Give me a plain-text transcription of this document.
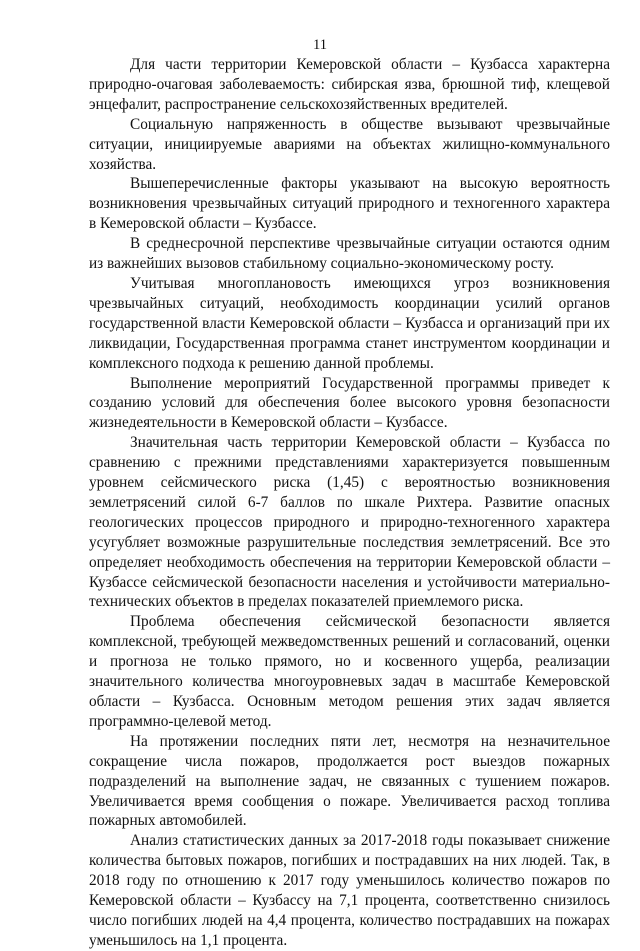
11

Для части территории Кемеровской области – Кузбасса характерна природно-очаговая заболеваемость: сибирская язва, брюшной тиф, клещевой энцефалит, распространение сельскохозяйственных вредителей.

Социальную напряженность в обществе вызывают чрезвычайные ситуации, инициируемые авариями на объектах жилищно-коммунального хозяйства.

Вышеперечисленные факторы указывают на высокую вероятность возникновения чрезвычайных ситуаций природного и техногенного характера в Кемеровской области – Кузбассе.

В среднесрочной перспективе чрезвычайные ситуации остаются одним из важнейших вызовов стабильному социально-экономическому росту.

Учитывая многоплановость имеющихся угроз возникновения чрезвычайных ситуаций, необходимость координации усилий органов государственной власти Кемеровской области – Кузбасса и организаций при их ликвидации, Государственная программа станет инструментом координации и комплексного подхода к решению данной проблемы.

Выполнение мероприятий Государственной программы приведет к созданию условий для обеспечения более высокого уровня безопасности жизнедеятельности в Кемеровской области – Кузбассе.

Значительная часть территории Кемеровской области – Кузбасса по сравнению с прежними представлениями характеризуется повышенным уровнем сейсмического риска (1,45) с вероятностью возникновения землетрясений силой 6-7 баллов по шкале Рихтера. Развитие опасных геологических процессов природного и природно-техногенного характера усугубляет возможные разрушительные последствия землетрясений. Все это определяет необходимость обеспечения на территории Кемеровской области – Кузбассе сейсмической безопасности населения и устойчивости материально-технических объектов в пределах показателей приемлемого риска.

Проблема обеспечения сейсмической безопасности является комплексной, требующей межведомственных решений и согласований, оценки и прогноза не только прямого, но и косвенного ущерба, реализации значительного количества многоуровневых задач в масштабе Кемеровской области – Кузбасса. Основным методом решения этих задач является программно-целевой метод.

На протяжении последних пяти лет, несмотря на незначительное сокращение числа пожаров, продолжается рост выездов пожарных подразделений на выполнение задач, не связанных с тушением пожаров. Увеличивается время сообщения о пожаре. Увеличивается расход топлива пожарных автомобилей.

Анализ статистических данных за 2017-2018 годы показывает снижение количества бытовых пожаров, погибших и пострадавших на них людей. Так, в 2018 году по отношению к 2017 году уменьшилось количество пожаров по Кемеровской области – Кузбассу на 7,1 процента, соответственно снизилось число погибших людей на 4,4 процента, количество пострадавших на пожарах уменьшилось на 1,1 процента.
